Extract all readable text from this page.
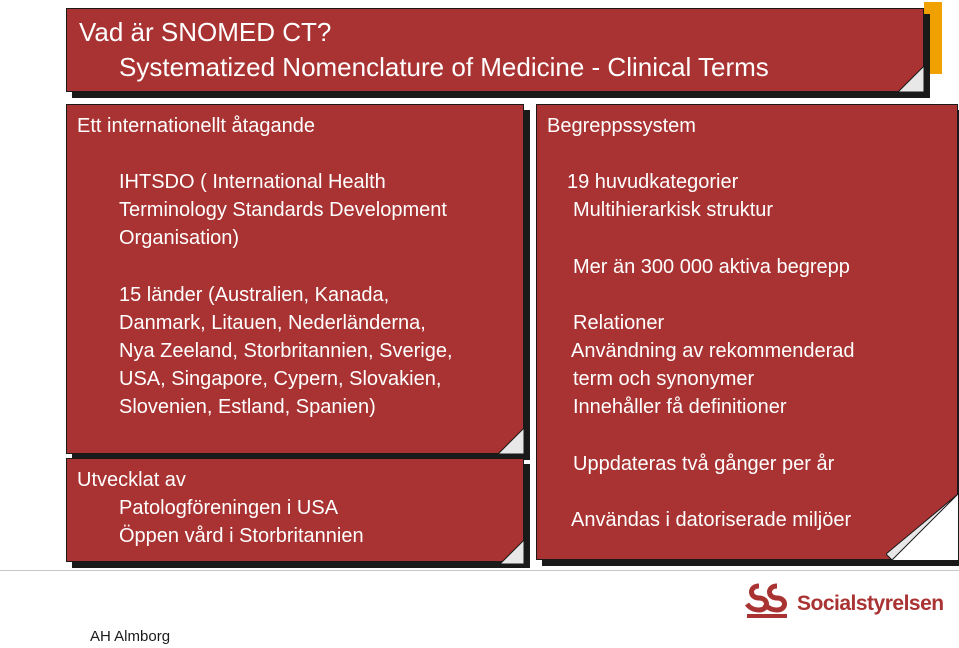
Vad är SNOMED CT?
Systematized Nomenclature of Medicine - Clinical Terms
Ett internationellt åtagande
IHTSDO ( International Health
Terminology Standards Development
Organisation)
15 länder (Australien, Kanada,
Danmark, Litauen, Nederländerna,
Nya Zeeland, Storbritannien, Sverige,
USA, Singapore, Cypern, Slovakien,
Slovenien, Estland, Spanien)
Utvecklat av
Patologföreningen i USA
Öppen vård i Storbritannien
Begreppssystem
19 huvudkategorier
Multihierarkisk struktur
Mer än 300 000 aktiva begrepp
Relationer
Användning av rekommenderad
term och synonymer
Innehåller få definitioner
Uppdateras två gånger per år
Användas i datoriserade miljöer
Socialstyrelsen
AH Almborg
